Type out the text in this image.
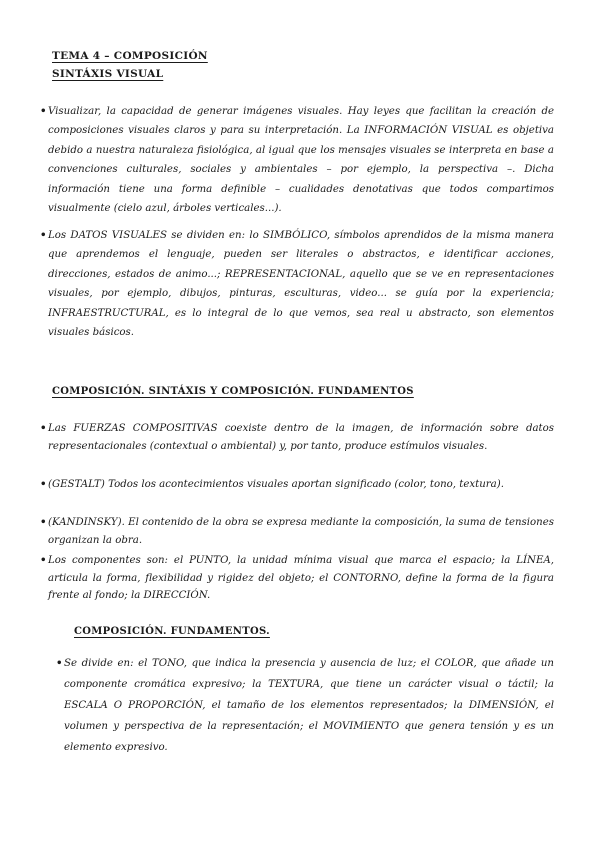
TEMA 4 – COMPOSICIÓN
SINTÁXIS VISUAL
• Visualizar, la capacidad de generar imágenes visuales. Hay leyes que facilitan la creación de composiciones visuales claros y para su interpretación. La INFORMACIÓN VISUAL es objetiva debido a nuestra naturaleza fisiológica, al igual que los mensajes visuales se interpreta en base a convenciones culturales, sociales y ambientales – por ejemplo, la perspectiva –. Dicha información tiene una forma definible – cualidades denotativas que todos compartimos visualmente (cielo azul, árboles verticales...).
• Los DATOS VISUALES se dividen en: lo SIMBÓLICO, símbolos aprendidos de la misma manera que aprendemos el lenguaje, pueden ser literales o abstractos, e identificar acciones, direcciones, estados de animo...; REPRESENTACIONAL, aquello que se ve en representaciones visuales, por ejemplo, dibujos, pinturas, esculturas, video... se guía por la experiencia; INFRAESTRUCTURAL, es lo integral de lo que vemos, sea real u abstracto, son elementos visuales básicos.
COMPOSICIÓN. SINTÁXIS Y COMPOSICIÓN. FUNDAMENTOS
• Las FUERZAS COMPOSITIVAS coexiste dentro de la imagen, de información sobre datos representacionales (contextual o ambiental) y, por tanto, produce estímulos visuales.
• (GESTALT) Todos los acontecimientos visuales aportan significado (color, tono, textura).
• (KANDINSKY). El contenido de la obra se expresa mediante la composición, la suma de tensiones organizan la obra.
• Los componentes son: el PUNTO, la unidad mínima visual que marca el espacio; la LÍNEA, articula la forma, flexibilidad y rigidez del objeto; el CONTORNO, define la forma de la figura frente al fondo; la DIRECCIÓN.
COMPOSICIÓN. FUNDAMENTOS.
• Se divide en: el TONO, que indica la presencia y ausencia de luz; el COLOR, que añade un componente cromática expresivo; la TEXTURA, que tiene un carácter visual o táctil; la ESCALA O PROPORCIÓN, el tamaño de los elementos representados; la DIMENSIÓN, el volumen y perspectiva de la representación; el MOVIMIENTO que genera tensión y es un elemento expresivo.
